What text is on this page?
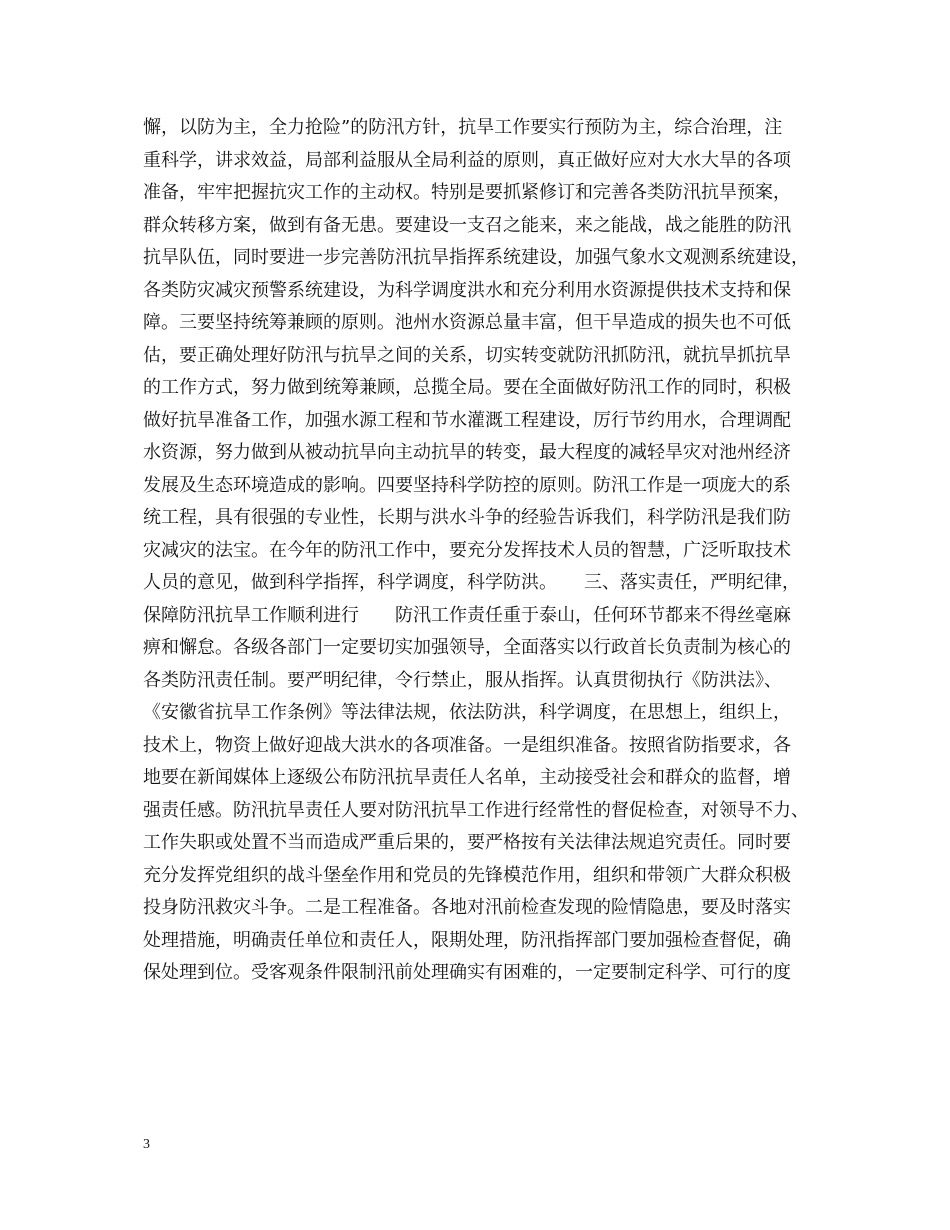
懈，以防为主，全力抢险”的防汛方针，抗旱工作要实行预防为主，综合治理，注
重科学，讲求效益，局部利益服从全局利益的原则，真正做好应对大水大旱的各项
准备，牢牢把握抗灾工作的主动权。特别是要抓紧修订和完善各类防汛抗旱预案，
群众转移方案，做到有备无患。要建设一支召之能来，来之能战，战之能胜的防汛
抗旱队伍，同时要进一步完善防汛抗旱指挥系统建设，加强气象水文观测系统建设，
各类防灾减灾预警系统建设，为科学调度洪水和充分利用水资源提供技术支持和保
障。三要坚持统筹兼顾的原则。池州水资源总量丰富，但干旱造成的损失也不可低
估，要正确处理好防汛与抗旱之间的关系，切实转变就防汛抓防汛，就抗旱抓抗旱
的工作方式，努力做到统筹兼顾，总揽全局。要在全面做好防汛工作的同时，积极
做好抗旱准备工作，加强水源工程和节水灌溉工程建设，厉行节约用水，合理调配
水资源，努力做到从被动抗旱向主动抗旱的转变，最大程度的减轻旱灾对池州经济
发展及生态环境造成的影响。四要坚持科学防控的原则。防汛工作是一项庞大的系
统工程，具有很强的专业性，长期与洪水斗争的经验告诉我们，科学防汛是我们防
灾减灾的法宝。在今年的防汛工作中，要充分发挥技术人员的智慧，广泛听取技术
人员的意见，做到科学指挥，科学调度，科学防洪。　　三、落实责任，严明纪律，
保障防汛抗旱工作顺利进行　　防汛工作责任重于泰山，任何环节都来不得丝毫麻
痹和懈怠。各级各部门一定要切实加强领导，全面落实以行政首长负责制为核心的
各类防汛责任制。要严明纪律，令行禁止，服从指挥。认真贯彻执行《防洪法》、
《安徽省抗旱工作条例》等法律法规，依法防洪，科学调度，在思想上，组织上，
技术上，物资上做好迎战大洪水的各项准备。一是组织准备。按照省防指要求，各
地要在新闻媒体上逐级公布防汛抗旱责任人名单，主动接受社会和群众的监督，增
强责任感。防汛抗旱责任人要对防汛抗旱工作进行经常性的督促检查，对领导不力、
工作失职或处置不当而造成严重后果的，要严格按有关法律法规追究责任。同时要
充分发挥党组织的战斗堡垒作用和党员的先锋模范作用，组织和带领广大群众积极
投身防汛救灾斗争。二是工程准备。各地对汛前检查发现的险情隐患，要及时落实
处理措施，明确责任单位和责任人，限期处理，防汛指挥部门要加强检查督促，确
保处理到位。受客观条件限制汛前处理确实有困难的，一定要制定科学、可行的度
3
